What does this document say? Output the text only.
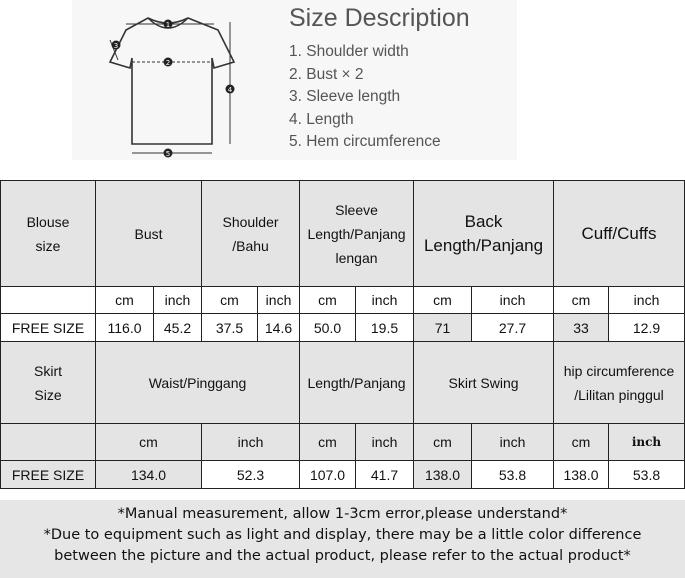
1
2
3
4
5
Size Description
1. Shoulder width
2. Bust × 2
3. Sleeve length
4. Length
5. Hem circumference
Blouse size	Bust		Shoulder /Bahu		Sleeve Length/Panjang lengan		Back Length/Panjang		Cuff/Cuffs	
	cm	inch	cm	inch	cm	inch	cm	inch	cm	inch
FREE SIZE	116.0	45.2	37.5	14.6	50.0	19.5	71	27.7	33	12.9
Skirt Size	Waist/Pinggang				Length/Panjang		Skirt Swing		hip circumference /Lilitan pinggul	
	cm		inch		cm	inch	cm	inch	cm	inch
FREE SIZE	134.0		52.3		107.0	41.7	138.0	53.8	138.0	53.8
*Manual measurement, allow 1-3cm error,please understand*
*Due to equipment such as light and display, there may be a little color difference
between the picture and the actual product, please refer to the actual product*
